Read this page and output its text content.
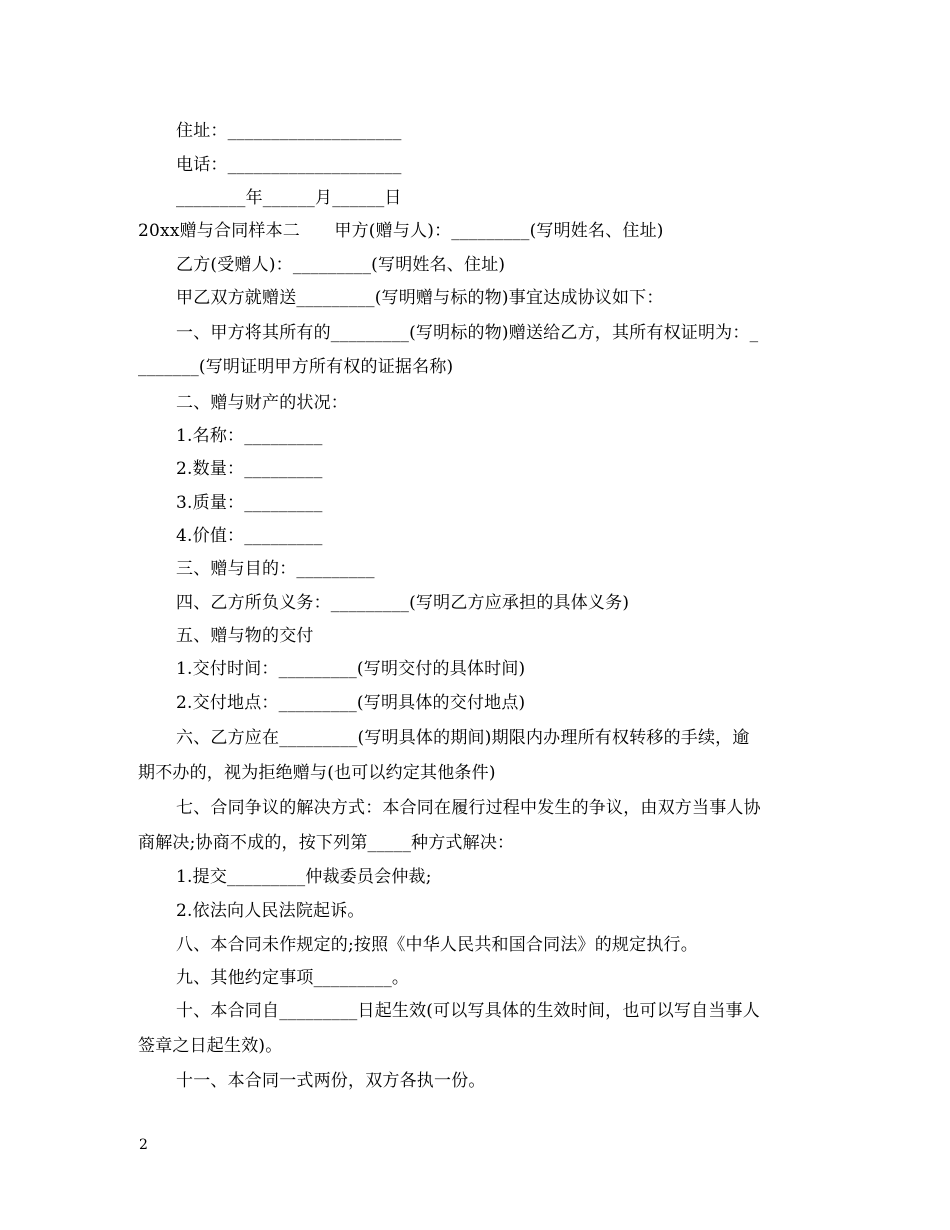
住址：____________________
电话：____________________
________年______月______日
20xx赠与合同样本二　　甲方(赠与人)：_________(写明姓名、住址)
乙方(受赠人)：_________(写明姓名、住址)
甲乙双方就赠送_________(写明赠与标的物)事宜达成协议如下：
一、甲方将其所有的_________(写明标的物)赠送给乙方，其所有权证明为：_
_______(写明证明甲方所有权的证据名称)
二、赠与财产的状况：
1.名称：_________
2.数量：_________
3.质量：_________
4.价值：_________
三、赠与目的：_________
四、乙方所负义务：_________(写明乙方应承担的具体义务)
五、赠与物的交付
1.交付时间：_________(写明交付的具体时间)
2.交付地点：_________(写明具体的交付地点)
六、乙方应在_________(写明具体的期间)期限内办理所有权转移的手续，逾
期不办的，视为拒绝赠与(也可以约定其他条件)
七、合同争议的解决方式：本合同在履行过程中发生的争议，由双方当事人协
商解决;协商不成的，按下列第_____种方式解决：
1.提交_________仲裁委员会仲裁;
2.依法向人民法院起诉。
八、本合同未作规定的;按照《中华人民共和国合同法》的规定执行。
九、其他约定事项_________。
十、本合同自_________日起生效(可以写具体的生效时间，也可以写自当事人
签章之日起生效)。
十一、本合同一式两份，双方各执一份。
2
